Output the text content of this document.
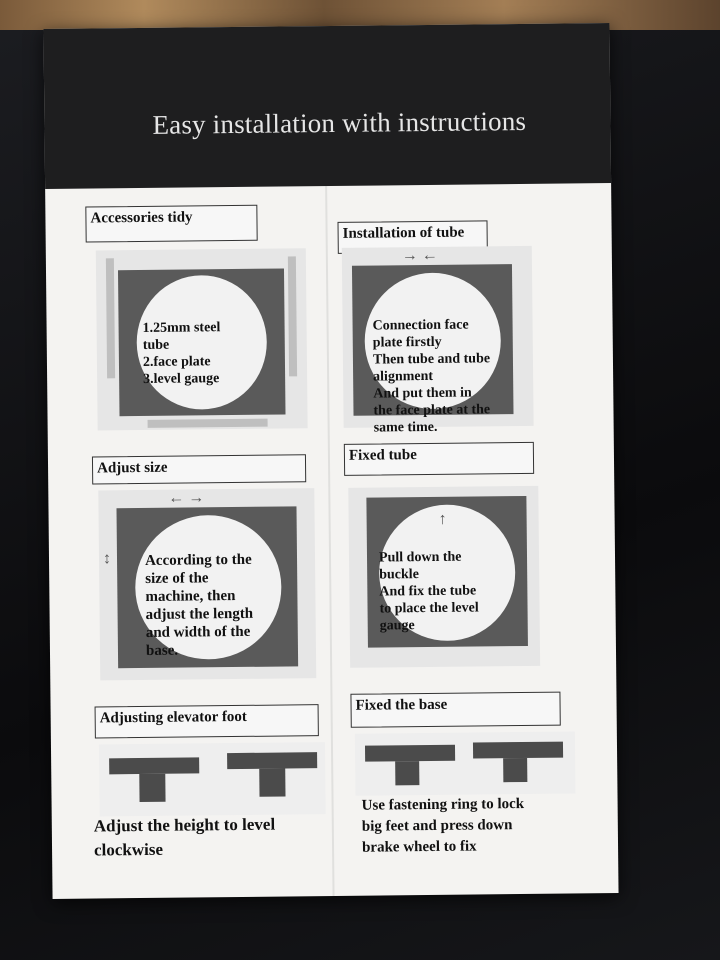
Easy installation with instructions
Accessories tidy
1.25mm steel
tube
2.face plate
3.level gauge
Installation of tube
→ ←
Connection face
plate firstly
Then tube and tube
alignment
And put them in
the face plate at the
same time.
Adjust size
← →
↕ According to the
size of the
machine, then
adjust the length
and width of the
base.
Fixed tube
↑
Pull down the
buckle
And fix the tube
to place the level
gauge
Adjusting elevator foot
Adjust the height to level
clockwise
Fixed the base
Use fastening ring to lock
big feet and press down
brake wheel to fix
